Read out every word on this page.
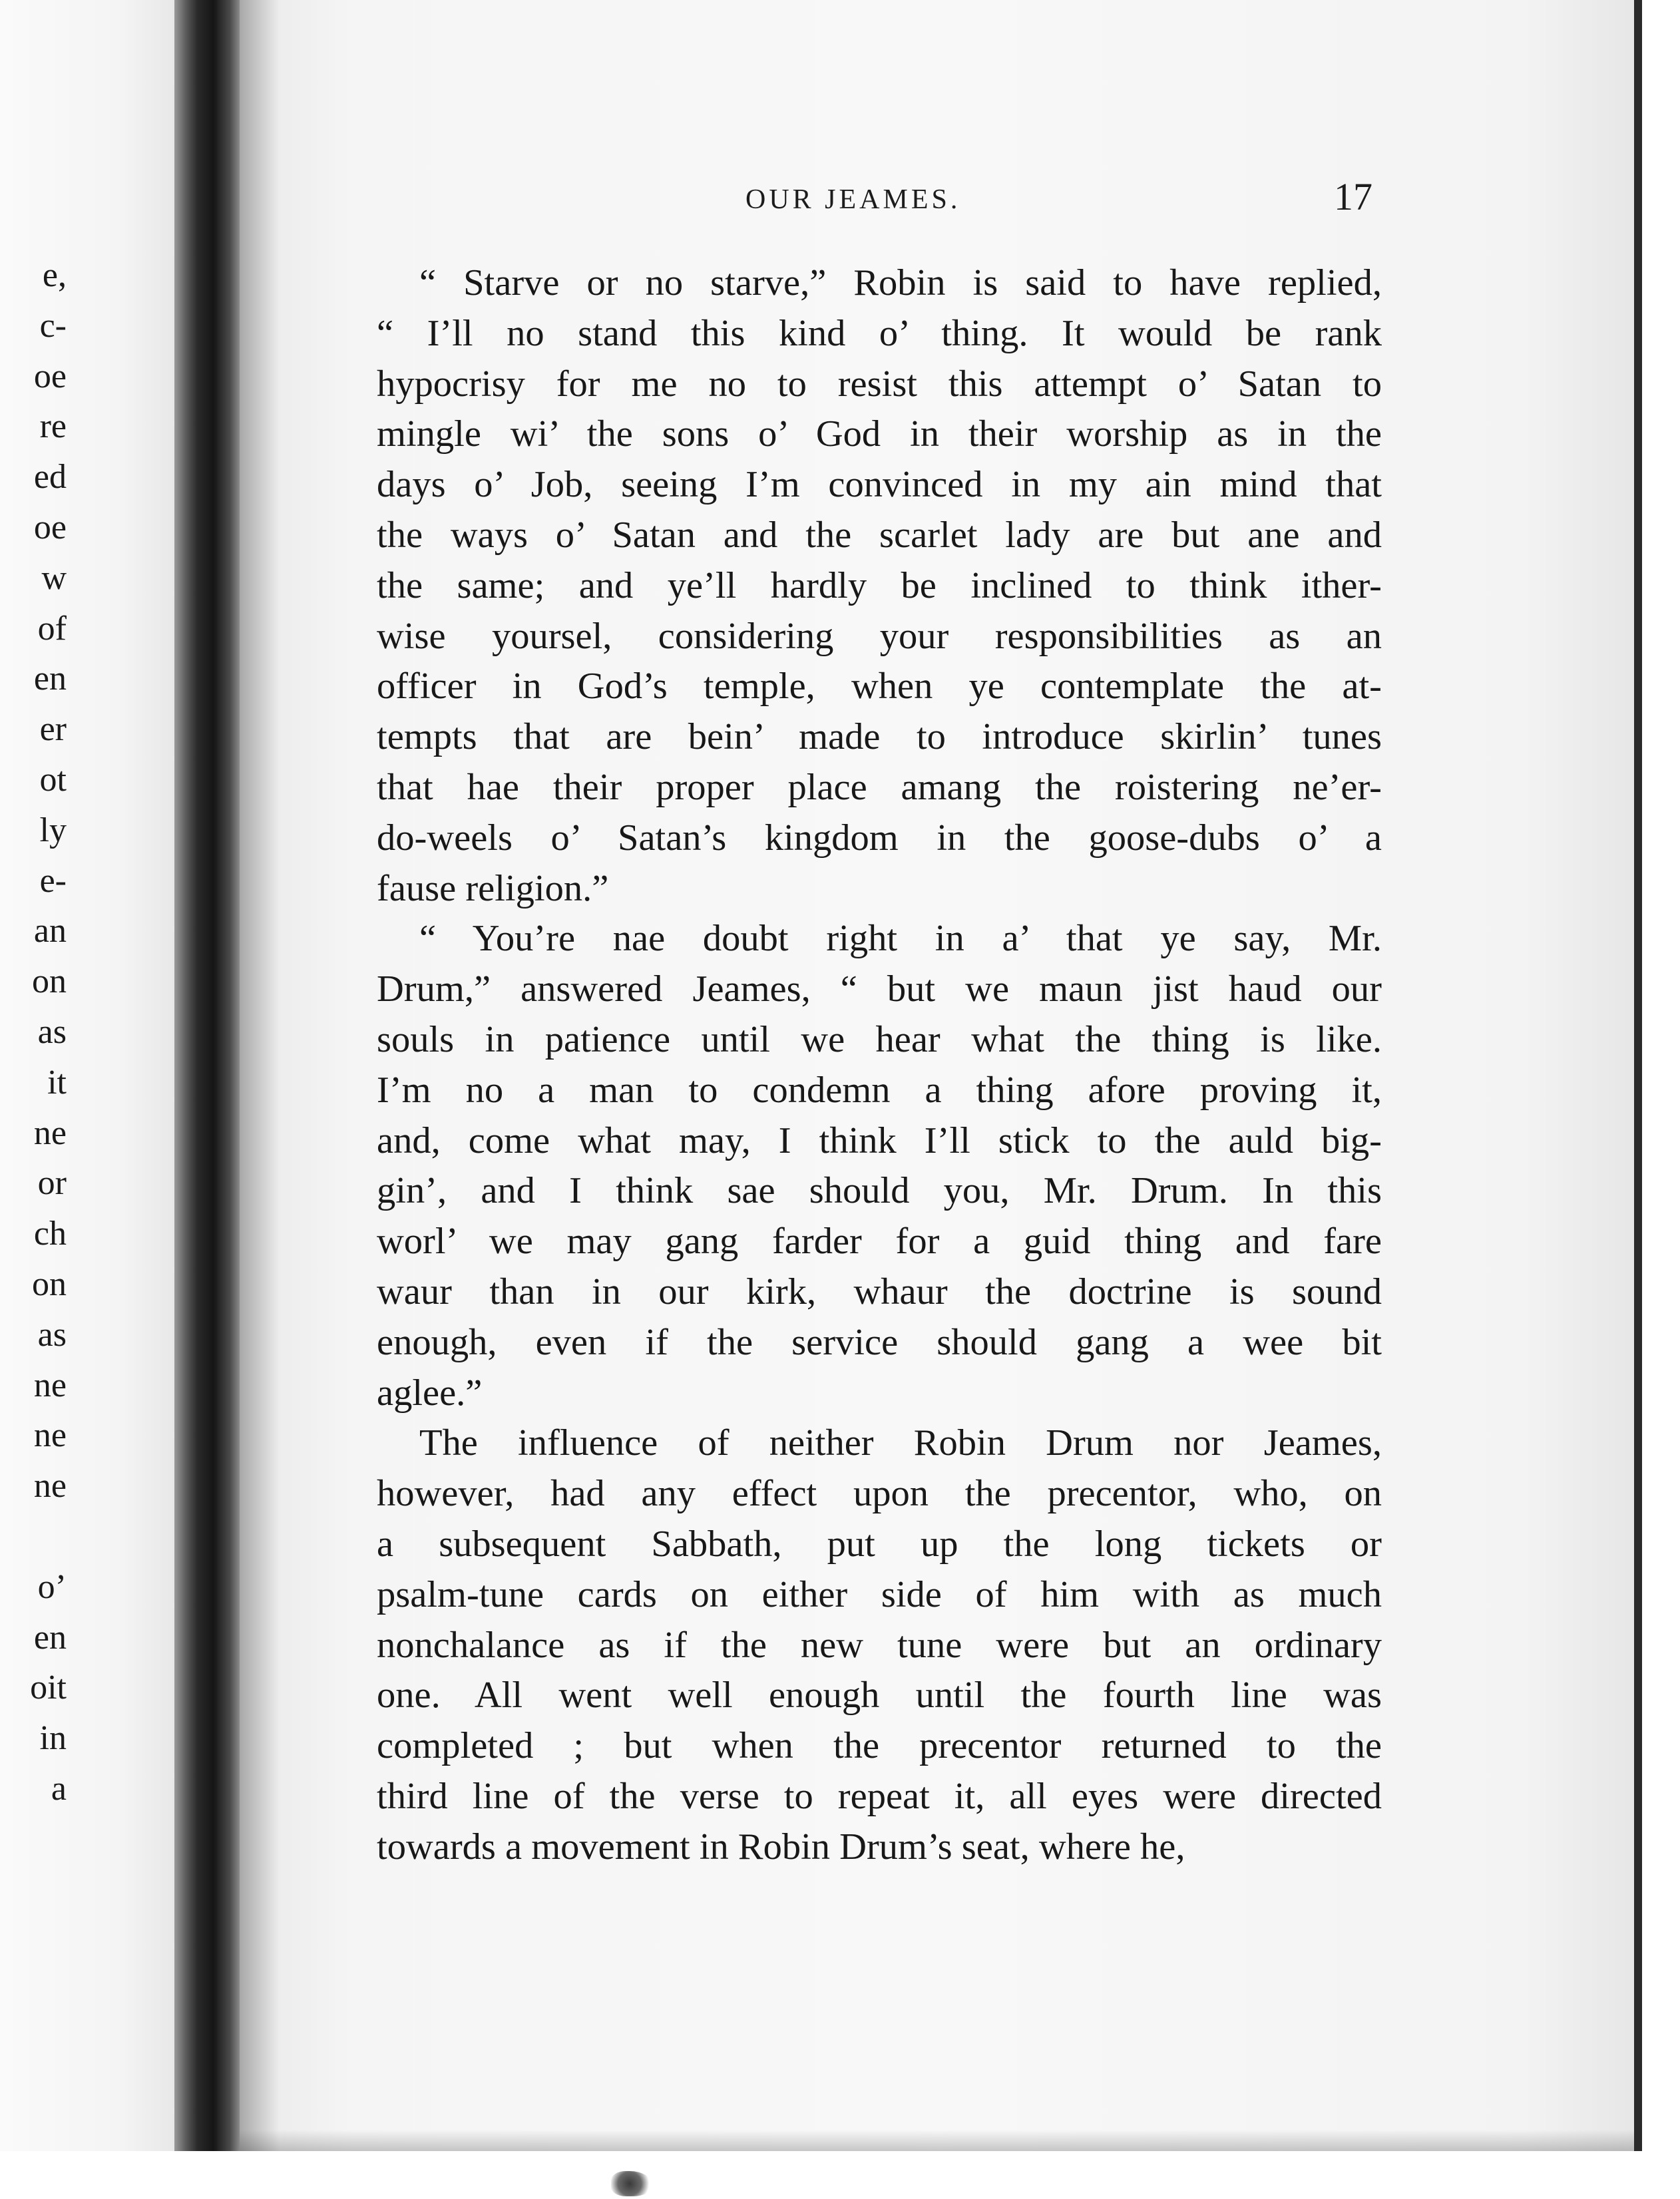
e,
c-
oe
re
ed
oe
w
of
en
er
ot
ly
e-
an
on
as
it
ne
or
ch
on
as
ne
ne
ne
o’
en
oit
in
a
OUR JEAMES.	17
“ Starve or no starve,” Robin is said to have replied,
“ I’ll no stand this kind o’ thing. It would be rank
hypocrisy for me no to resist this attempt o’ Satan to
mingle wi’ the sons o’ God in their worship as in the
days o’ Job, seeing I’m convinced in my ain mind that
the ways o’ Satan and the scarlet lady are but ane and
the same; and ye’ll hardly be inclined to think ither-
wise yoursel, considering your responsibilities as an
officer in God’s temple, when ye contemplate the at-
tempts that are bein’ made to introduce skirlin’ tunes
that hae their proper place amang the roistering ne’er-
do-weels o’ Satan’s kingdom in the goose-dubs o’ a
fause religion.”
“ You’re nae doubt right in a’ that ye say, Mr.
Drum,” answered Jeames, “ but we maun jist haud our
souls in patience until we hear what the thing is like.
I’m no a man to condemn a thing afore proving it,
and, come what may, I think I’ll stick to the auld big-
gin’, and I think sae should you, Mr. Drum. In this
worl’ we may gang farder for a guid thing and fare
waur than in our kirk, whaur the doctrine is sound
enough, even if the service should gang a wee bit
aglee.”
The influence of neither Robin Drum nor Jeames,
however, had any effect upon the precentor, who, on
a subsequent Sabbath, put up the long tickets or
psalm-tune cards on either side of him with as much
nonchalance as if the new tune were but an ordinary
one. All went well enough until the fourth line was
completed ; but when the precentor returned to the
third line of the verse to repeat it, all eyes were directed
towards a movement in Robin Drum’s seat, where he,
